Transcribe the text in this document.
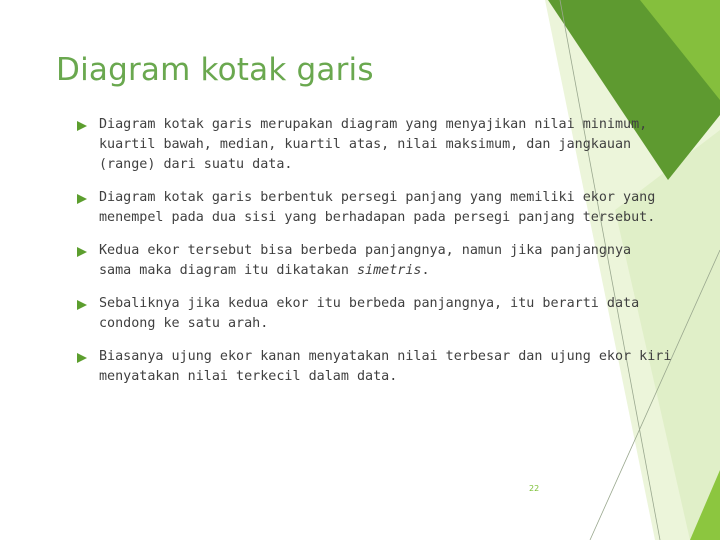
Diagram kotak garis
Diagram kotak garis merupakan diagram yang menyajikan nilai minimum,
kuartil bawah, median, kuartil atas, nilai maksimum, dan jangkauan
(range) dari suatu data.
Diagram kotak garis berbentuk persegi panjang yang memiliki ekor yang
menempel pada dua sisi yang berhadapan pada persegi panjang tersebut.
Kedua ekor tersebut bisa berbeda panjangnya, namun jika panjangnya
sama maka diagram itu dikatakan simetris.
Sebaliknya jika kedua ekor itu berbeda panjangnya, itu berarti data
condong ke satu arah.
Biasanya ujung ekor kanan menyatakan nilai terbesar dan ujung ekor kiri
menyatakan nilai terkecil dalam data.
22
